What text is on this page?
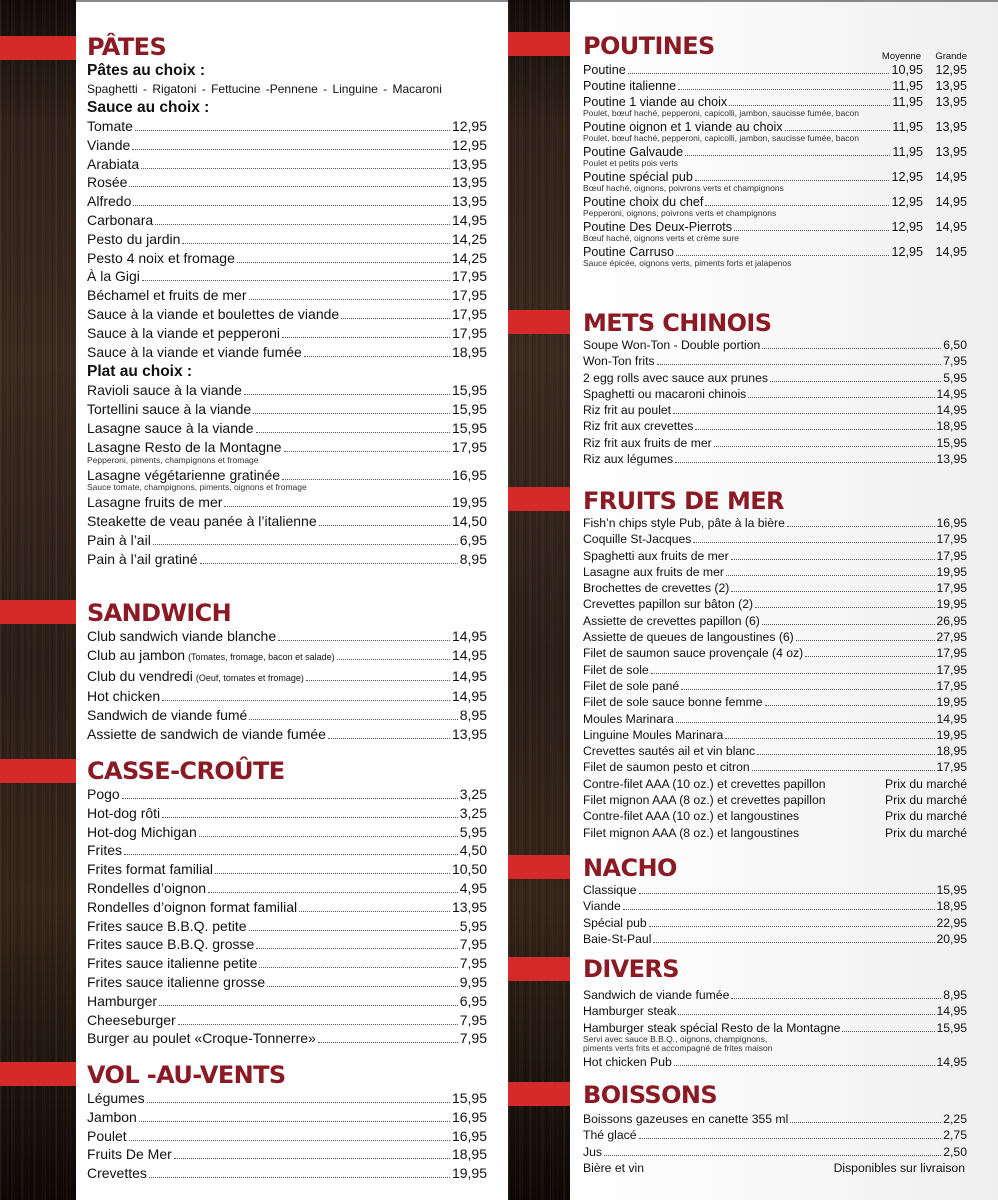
PÂTES
Pâtes au choix :
Spaghetti - Rigatoni - Fettucine -Pennene - Linguine - Macaroni
Sauce au choix :
Tomate	12,95
Viande	12,95
Arabiata	13,95
Rosée	13,95
Alfredo	13,95
Carbonara	14,95
Pesto du jardin	14,25
Pesto 4 noix et fromage	14,25
À la Gigi	17,95
Béchamel et fruits de mer	17,95
Sauce à la viande et boulettes de viande	17,95
Sauce à la viande et pepperoni	17,95
Sauce à la viande et viande fumée	18,95
Plat au choix :
Ravioli sauce à la viande	15,95
Tortellini sauce à la viande	15,95
Lasagne sauce à la viande	15,95
Lasagne Resto de la Montagne	17,95
Pepperoni, piments, champignons et fromage
Lasagne végétarienne gratinée	16,95
Sauce tomate, champignons, piments, oignons et fromage
Lasagne fruits de mer	19,95
Steakette de veau panée à l’italienne	14,50
Pain à l’ail	6,95
Pain à l’ail gratiné	8,95
SANDWICH
Club sandwich viande blanche	14,95
Club au jambon (Tomates, fromage, bacon et salade)	14,95
Club du vendredi (Oeuf, tomates et fromage)	14,95
Hot chicken	14,95
Sandwich de viande fumé	8,95
Assiette de sandwich de viande fumée	13,95
CASSE-CROÛTE
Pogo	3,25
Hot-dog rôti	3,25
Hot-dog Michigan	5,95
Frites	4,50
Frites format familial	10,50
Rondelles d’oignon	4,95
Rondelles d’oignon format familial	13,95
Frites sauce B.B.Q. petite	5,95
Frites sauce B.B.Q. grosse	7,95
Frites sauce italienne petite	7,95
Frites sauce italienne grosse	9,95
Hamburger	6,95
Cheeseburger	7,95
Burger au poulet «Croque-Tonnerre»	7,95
VOL -AU-VENTS
Légumes	15,95
Jambon	16,95
Poulet	16,95
Fruits De Mer	18,95
Crevettes	19,95
POUTINES	Moyenne	Grande
Poutine	10,95 12,95
Poutine italienne	11,95 13,95
Poutine 1 viande au choix	11,95 13,95
Poulet, bœuf haché, pepperoni, capicolli, jambon, saucisse fumée, bacon
Poutine oignon et 1 viande au choix	11,95 13,95
Poulet, bœuf haché, pepperoni, capicolli, jambon, saucisse fumée, bacon
Poutine Galvaude	11,95 13,95
Poulet et petits pois verts
Poutine spécial pub	12,95 14,95
Bœuf haché, oignons, poivrons verts et champignons
Poutine choix du chef	12,95 14,95
Pepperoni, oignons, poivrons verts et champignons
Poutine Des Deux-Pierrots	12,95 14,95
Bœuf haché, oignons verts et crème sure
Poutine Carruso	12,95 14,95
Sauce épicée, oignons verts, piments forts et jalapenos
METS CHINOIS
Soupe Won-Ton - Double portion	6,50
Won-Ton frits	7,95
2 egg rolls avec sauce aux prunes	5,95
Spaghetti ou macaroni chinois	14,95
Riz frit au poulet	14,95
Riz frit aux crevettes	18,95
Riz frit aux fruits de mer	15,95
Riz aux légumes	13,95
FRUITS DE MER
Fish’n chips style Pub, pâte à la bière	16,95
Coquille St-Jacques	17,95
Spaghetti aux fruits de mer	17,95
Lasagne aux fruits de mer	19,95
Brochettes de crevettes (2)	17,95
Crevettes papillon sur bâton (2)	19,95
Assiette de crevettes papillon (6)	26,95
Assiette de queues de langoustines (6)	27,95
Filet de saumon sauce provençale (4 oz)	17,95
Filet de sole	17,95
Filet de sole pané	17,95
Filet de sole sauce bonne femme	19,95
Moules Marinara	14,95
Linguine Moules Marinara	19,95
Crevettes sautés ail et vin blanc	18,95
Filet de saumon pesto et citron	17,95
Contre-filet AAA (10 oz.) et crevettes papillon	Prix du marché
Filet mignon AAA (8 oz.) et crevettes papillon	Prix du marché
Contre-filet AAA (10 oz.) et langoustines	Prix du marché
Filet mignon AAA (8 oz.) et langoustines	Prix du marché
NACHO
Classique	15,95
Viande	18,95
Spécial pub	22,95
Baie-St-Paul	20,95
DIVERS
Sandwich de viande fumée	8,95
Hamburger steak	14,95
Hamburger steak spécial Resto de la Montagne	15,95
Servi avec sauce B.B.Q., oignons, champignons,
piments verts frits et accompagné de frites maison
Hot chicken Pub	14,95
BOISSONS
Boissons gazeuses en canette 355 ml	2,25
Thé glacé	2,75
Jus	2,50
Bière et vin	Disponibles sur livraison
